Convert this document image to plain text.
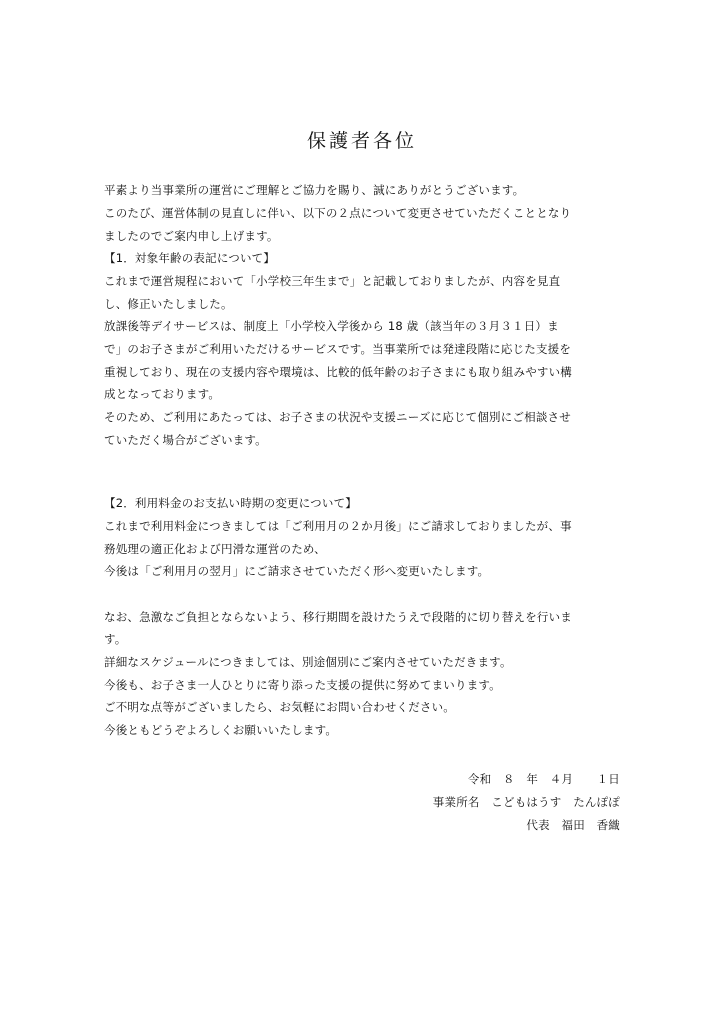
保護者各位
平素より当事業所の運営にご理解とご協力を賜り、誠にありがとうございます。
このたび、運営体制の見直しに伴い、以下の２点について変更させていただくこととなり
ましたのでご案内申し上げます。
【1．対象年齢の表記について】
これまで運営規程において「小学校三年生まで」と記載しておりましたが、内容を見直
し、修正いたしました。
放課後等デイサービスは、制度上「小学校入学後から 18 歳（該当年の３月３１日）ま
で」のお子さまがご利用いただけるサービスです。当事業所では発達段階に応じた支援を
重視しており、現在の支援内容や環境は、比較的低年齢のお子さまにも取り組みやすい構
成となっております。
そのため、ご利用にあたっては、お子さまの状況や支援ニーズに応じて個別にご相談させ
ていただく場合がございます。
【2．利用料金のお支払い時期の変更について】
これまで利用料金につきましては「ご利用月の２か月後」にご請求しておりましたが、事
務処理の適正化および円滑な運営のため、
今後は「ご利用月の翌月」にご請求させていただく形へ変更いたします。
なお、急激なご負担とならないよう、移行期間を設けたうえで段階的に切り替えを行いま
す。
詳細なスケジュールにつきましては、別途個別にご案内させていただきます。
今後も、お子さま一人ひとりに寄り添った支援の提供に努めてまいります。
ご不明な点等がございましたら、お気軽にお問い合わせください。
今後ともどうぞよろしくお願いいたします。
令和　８　年　４月　　１日
事業所名　こどもはうす　たんぽぽ
代表　福田　香織
